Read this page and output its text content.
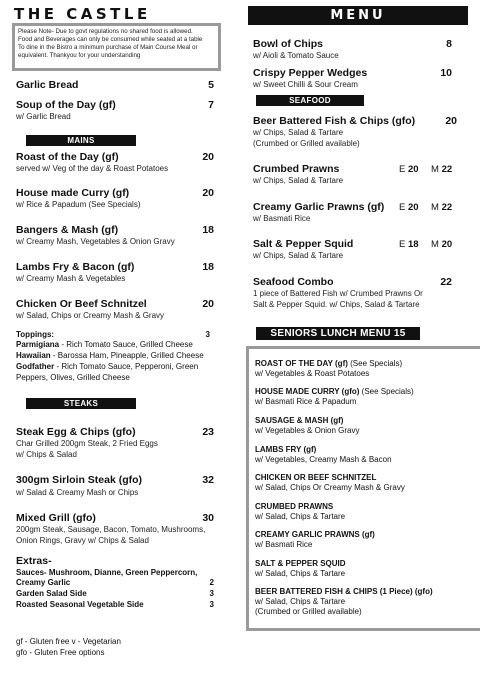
THE CASTLE
Please Note- Due to govt regulations no shared food is allowed.
Food and Beverages can only be consumed while seated at a table
To dine in the Bistro a minimum purchase of Main Course Meal or equivalent. Thankyou for your understanding
Garlic Bread	5
Soup of the Day (gf)	7
w/ Garlic Bread
MAINS
Roast of the Day (gf)	20
served w/ Veg of the day & Roast Potatoes
House made Curry (gf)	20
w/ Rice & Papadum (See Specials)
Bangers & Mash (gf)	18
w/ Creamy Mash, Vegetables & Onion Gravy
Lambs Fry & Bacon (gf)	18
w/ Creamy Mash & Vegetables
Chicken Or Beef Schnitzel	20
w/ Salad, Chips or Creamy Mash & Gravy
Toppings:	3
Parmigiana - Rich Tomato Sauce, Grilled Cheese
Hawaiian - Barossa Ham, Pineapple, Grilled Cheese
Godfather - Rich Tomato Sauce, Pepperoni, Green
Peppers, Olives, Grilled Cheese
STEAKS
Steak Egg & Chips (gfo)	23
Char Grilled 200gm Steak, 2 Fried Eggs
w/ Chips & Salad
300gm Sirloin Steak (gfo)	32
w/ Salad & Creamy Mash or Chips
Mixed Grill (gfo)	30
200gm Steak, Sausage, Bacon, Tomato, Mushrooms,
Onion Rings, Gravy w/ Chips & Salad
Extras-
Sauces- Mushroom, Dianne, Green Peppercorn,
Creamy Garlic	2
Garden Salad Side	3
Roasted Seasonal Vegetable Side	3
gf - Gluten free v - Vegetarian
gfo - Gluten Free options
MENU
Bowl of Chips	8
w/ Aioli & Tomato Sauce
Crispy Pepper Wedges	10
w/ Sweet Chilli & Sour Cream
SEAFOOD
Beer Battered Fish & Chips (gfo)	20
w/ Chips, Salad & Tartare
(Crumbed or Grilled available)
Crumbed Prawns	E 20 M 22
w/ Chips, Salad & Tartare
Creamy Garlic Prawns (gf) E 20 M 22
w/ Basmati Rice
Salt & Pepper Squid	E 18 M 20
w/ Chips, Salad & Tartare
Seafood Combo	22
1 piece of Battered Fish w/ Crumbed Prawns Or
Salt & Pepper Squid. w/ Chips, Salad & Tartare
SENIORS LUNCH MENU 15
ROAST OF THE DAY (gf) (See Specials)
w/ Vegetables & Roast Potatoes
HOUSE MADE CURRY (gfo) (See Specials)
w/ Basmati Rice & Papadum
SAUSAGE & MASH (gf)
w/ Vegetables & Onion Gravy
LAMBS FRY (gf)
w/ Vegetables, Creamy Mash & Bacon
CHICKEN OR BEEF SCHNITZEL
w/ Salad, Chips Or Creamy Mash & Gravy
CRUMBED PRAWNS
w/ Salad, Chips & Tartare
CREAMY GARLIC PRAWNS (gf)
w/ Basmati Rice
SALT & PEPPER SQUID
w/ Salad, Chips & Tartare
BEER BATTERED FISH & CHIPS (1 Piece) (gfo)
w/ Salad, Chips & Tartare
(Crumbed or Grilled available)
